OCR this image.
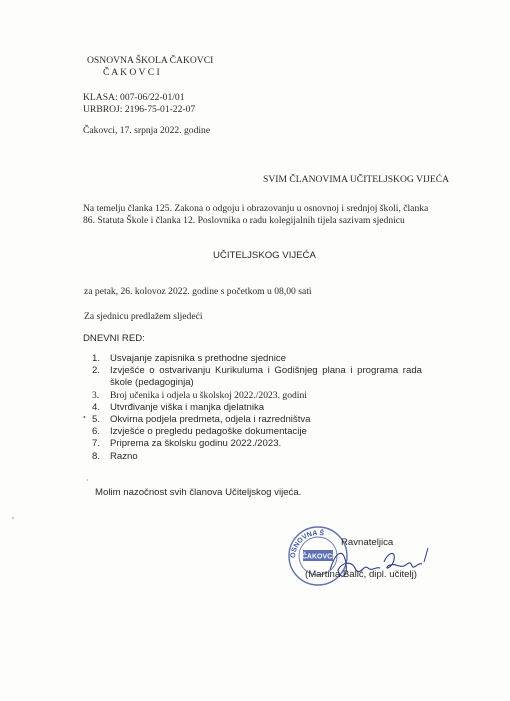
OSNOVNA ŠKOLA ČAKOVCI
Č A K O V C I
KLASA: 007-06/22-01/01
URBROJ: 2196-75-01-22-07
Čakovci, 17. srpnja 2022. godine
SVIM ČLANOVIMA UČITELJSKOG VIJEĆA
Na temelju članka 125. Zakona o odgoju i obrazovanju u osnovnoj i srednjoj školi, članka 86. Statuta Škole i članka 12. Poslovnika o radu kolegijalnih tijela sazivam sjednicu
UČITELJSKOG VIJEĆA
za petak, 26. kolovoz 2022. godine s početkom u 08,00 sati
Za sjednicu predlažem sljedeći
DNEVNI RED:
1. Usvajanje zapisnika s prethodne sjednice
2. Izvješće o ostvarivanju Kurikuluma i Godišnjeg plana i programa rada škole (pedagoginja)
3. Broj učenika i odjela u školskoj 2022./2023. godini
4. Utvrđivanje viška i manjka djelatnika
5. Okvirna podjela predmeta, odjela i razredništva
6. Izvješće o pregledu pedagoške dokumentacije
7. Priprema za školsku godinu 2022./2023.
8. Razno
•
·
,
Molim nazočnost svih članova Učiteljskog vijeća.
OSNOVNA Š
ČAKOVCI
Ravnateljica
(Martina Balić, dipl. učitelj)
